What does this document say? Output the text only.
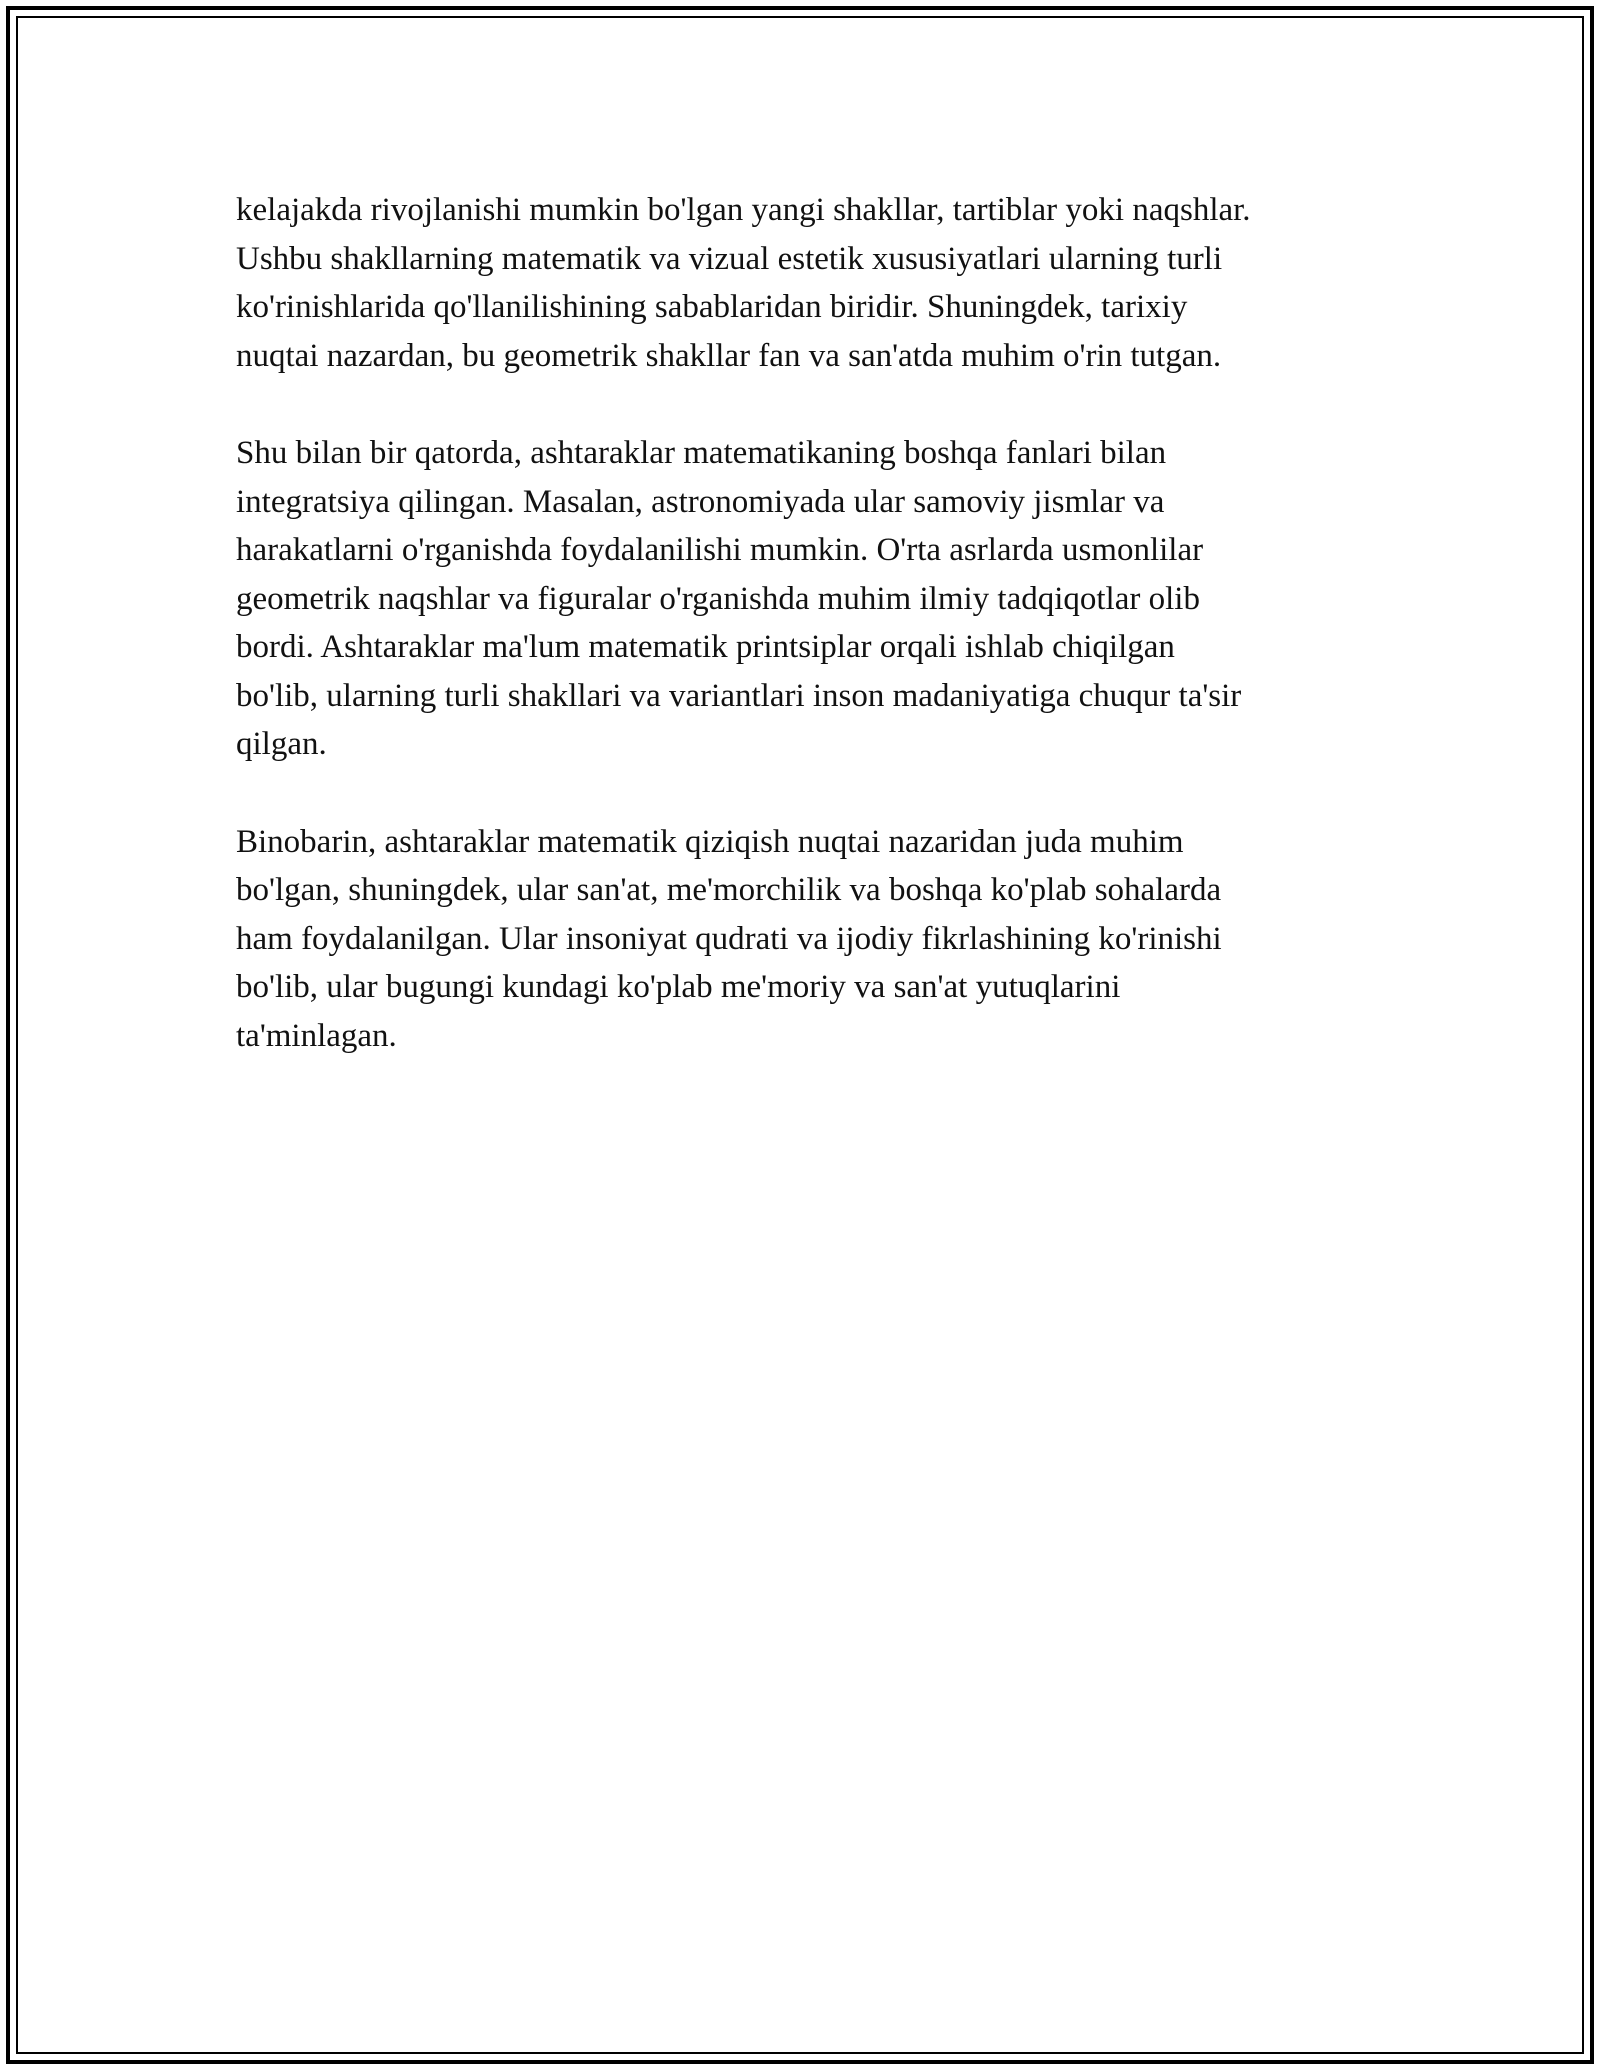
kelajakda rivojlanishi mumkin bo'lgan yangi shakllar, tartiblar yoki naqshlar.
Ushbu shakllarning matematik va vizual estetik xususiyatlari ularning turli
ko'rinishlarida qo'llanilishining sabablaridan biridir. Shuningdek, tarixiy
nuqtai nazardan, bu geometrik shakllar fan va san'atda muhim o'rin tutgan.

Shu bilan bir qatorda, ashtaraklar matematikaning boshqa fanlari bilan
integratsiya qilingan. Masalan, astronomiyada ular samoviy jismlar va
harakatlarni o'rganishda foydalanilishi mumkin. O'rta asrlarda usmonlilar
geometrik naqshlar va figuralar o'rganishda muhim ilmiy tadqiqotlar olib
bordi. Ashtaraklar ma'lum matematik printsiplar orqali ishlab chiqilgan
bo'lib, ularning turli shakllari va variantlari inson madaniyatiga chuqur ta'sir
qilgan.

Binobarin, ashtaraklar matematik qiziqish nuqtai nazaridan juda muhim
bo'lgan, shuningdek, ular san'at, me'morchilik va boshqa ko'plab sohalarda
ham foydalanilgan. Ular insoniyat qudrati va ijodiy fikrlashining ko'rinishi
bo'lib, ular bugungi kundagi ko'plab me'moriy va san'at yutuqlarini
ta'minlagan.
